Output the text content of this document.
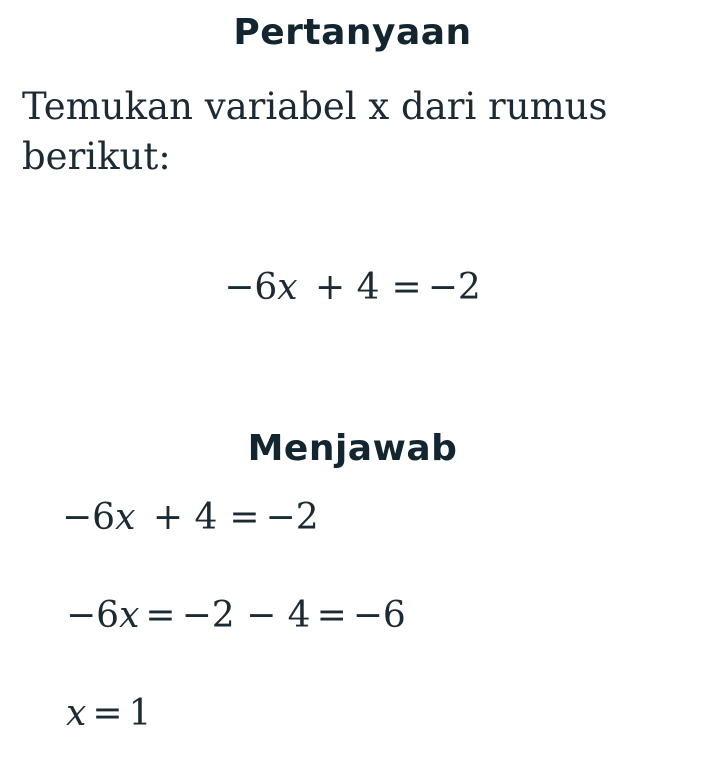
Pertanyaan

Temukan variabel x dari rumus berikut:

−6x + 4 = −2
Menjawab
−6x + 4 = −2
−6x = −2 − 4 = −6
x = 1
